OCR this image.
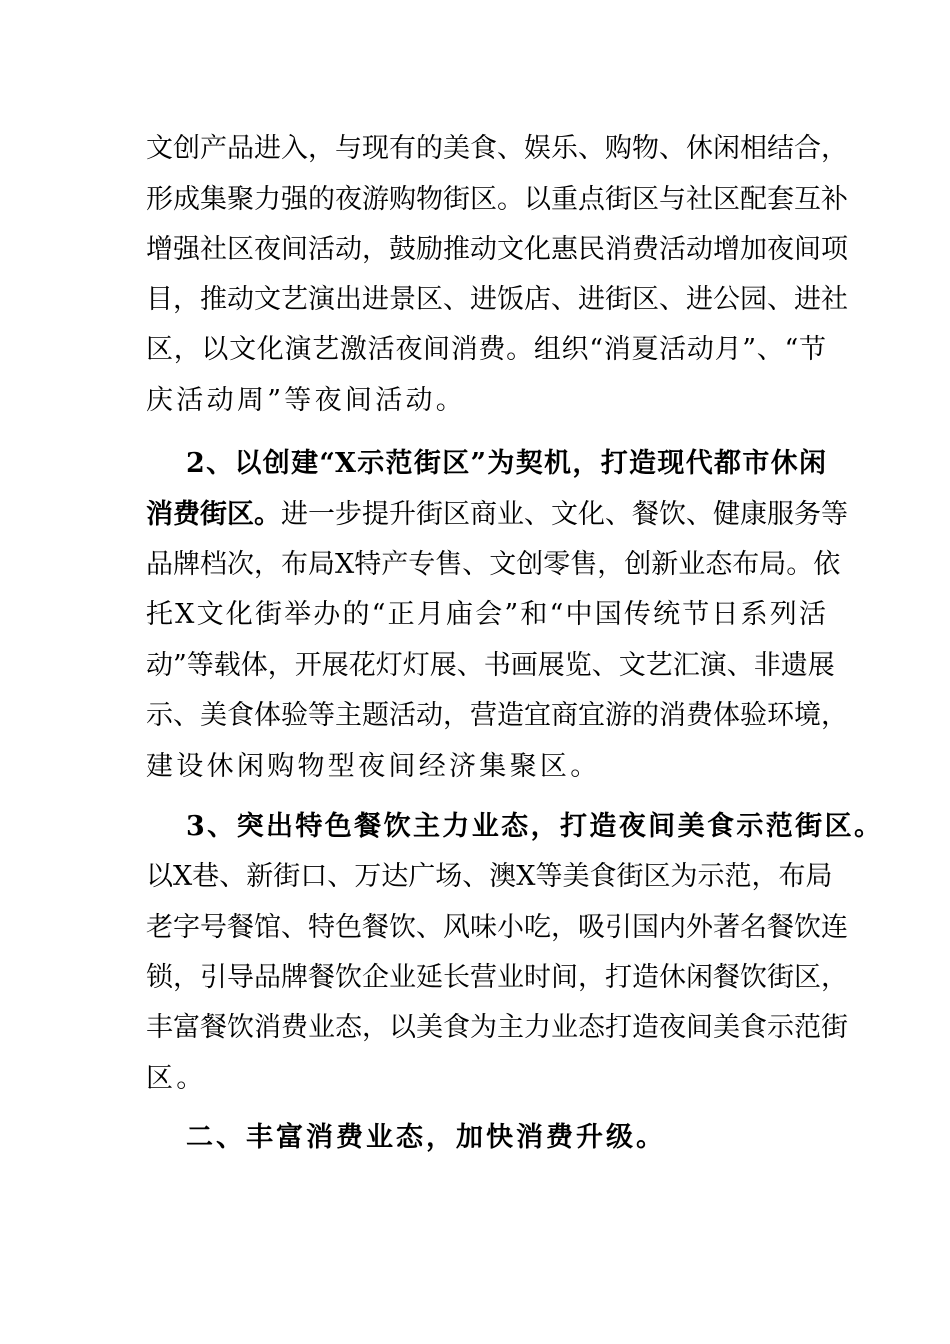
文创产品进入，与现有的美食、娱乐、购物、休闲相结合，
形成集聚力强的夜游购物街区。以重点街区与社区配套互补
增强社区夜间活动，鼓励推动文化惠民消费活动增加夜间项
目，推动文艺演出进景区、进饭店、进街区、进公园、进社
区，以文化演艺激活夜间消费。组织“消夏活动月”、“节
庆活动周”等夜间活动。
2、以创建“X示范街区”为契机，打造现代都市休闲
消费街区。进一步提升街区商业、文化、餐饮、健康服务等
品牌档次，布局X特产专售、文创零售，创新业态布局。依
托X文化街举办的“正月庙会”和“中国传统节日系列活
动”等载体，开展花灯灯展、书画展览、文艺汇演、非遗展
示、美食体验等主题活动，营造宜商宜游的消费体验环境，
建设休闲购物型夜间经济集聚区。
3、突出特色餐饮主力业态，打造夜间美食示范街区。
以X巷、新街口、万达广场、澳X等美食街区为示范，布局
老字号餐馆、特色餐饮、风味小吃，吸引国内外著名餐饮连
锁，引导品牌餐饮企业延长营业时间，打造休闲餐饮街区，
丰富餐饮消费业态，以美食为主力业态打造夜间美食示范街
区。
二、丰富消费业态，加快消费升级。
